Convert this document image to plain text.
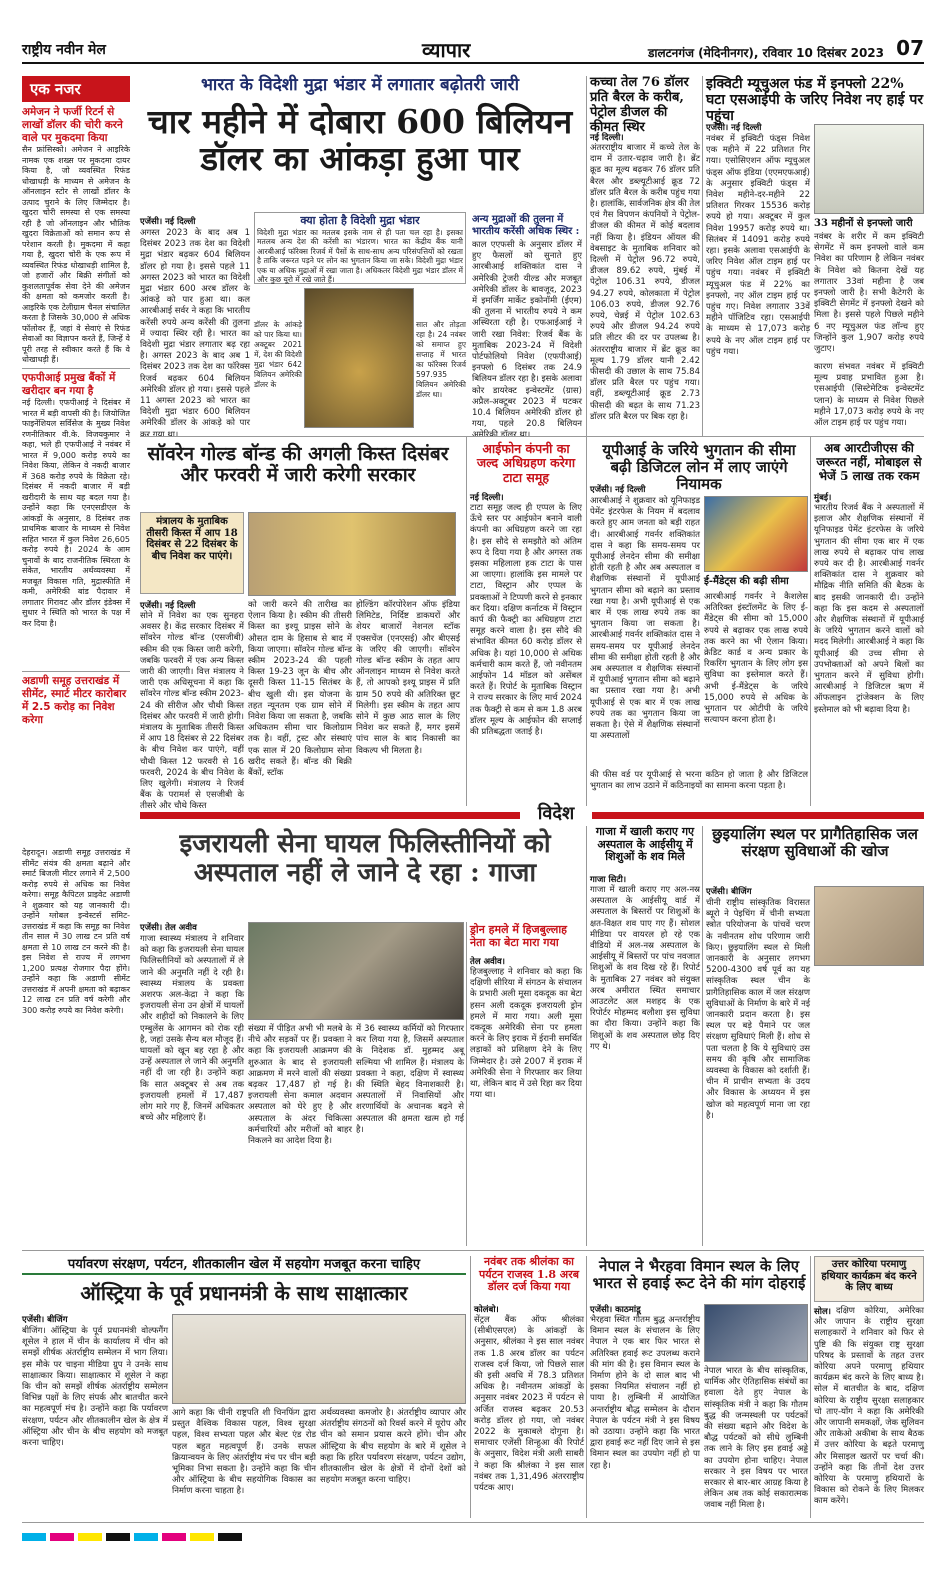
राष्ट्रीय नवीन मेल	व्यापार	डालटनगंज (मेदिनीनगर), रविवार 10 दिसंबर 2023 07
एक नजर
अमेजन ने फर्जी रिटर्न से लाखों डॉलर की चोरी करने वाले पर मुकदमा किया
सैन फ्रांसिस्को। अमेजन ने आइरिके नामक एक शख्स पर मुकदमा दायर किया है, जो व्यवस्थित रिफंड धोखाधड़ी के माध्यम से अमेजन के ऑनलाइन स्टोर से लाखों डॉलर के उत्पाद चुराने के लिए जिम्मेदार है। खुदरा चोरी समस्या से एक समस्या रही है जो ऑनलाइन और भौतिक खुदरा विक्रेताओं को समान रूप से परेशान करती है। मुकदमा में कहा गया है, खुदरा चोरी के एक रूप में व्यवस्थित रिफंड धोखाधड़ी शामिल है, जो हजारों और बिक्री संगीतों को कुशलतापूर्वक सेवा देने की अमेजन की क्षमता को कमजोर करती है। आइरिके एक टेलीग्राम चैनल संचालित करता है जिसके 30,000 से अधिक फॉलोवर हैं, जहां वे सेवाएं से रिफंड सेवाओं का विज्ञापन करते हैं, जिन्हें वे पूरी तरह से स्वीकार करते हैं कि वे धोखाधड़ी हैं।
एफपीआई प्रमुख बैंकों में खरीदार बन गया है
नई दिल्ली। एफपीआई ने दिसंबर में भारत में बड़ी वापसी की है। जियोजित फाइनेंशियल सर्विसेज के मुख्य निवेश रणनीतिकार वी.के. विजयकुमार ने कहा, भले ही एफपीआई ने नवंबर में भारत में 9,000 करोड़ रुपये का निवेश किया, लेकिन वे नकदी बाजार में 368 करोड़ रुपये के विक्रेता रहे। दिसंबर में नकदी बाजार में बड़ी खरीदारी के साथ यह बदल गया है। उन्होंने कहा कि एनएसडीएल के आंकड़ों के अनुसार, 8 दिसंबर तक प्राथमिक बाजार के माध्यम से निवेश सहित भारत में कुल निवेश 26,605 करोड़ रुपये है। 2024 के आम चुनावों के बाद राजनीतिक स्थिरता के संकेत, भारतीय अर्थव्यवस्था में मजबूत विकास गति, मुद्रास्फीति में कमी, अमेरिकी बांड पैदावार में लगातार गिरावट और डॉलर इंडेक्स में सुधार ने स्थिति को भारत के पक्ष में कर दिया है।
अडाणी समूह उत्तराखंड में सीमेंट, स्मार्ट मीटर कारोबार में 2.5 करोड़ का निवेश करेगा
देहरादून। अडाणी समूह उत्तराखंड में सीमेंट संयंत्र की क्षमता बढ़ाने और स्मार्ट बिजली मीटर लगाने में 2,500 करोड़ रुपये से अधिक का निवेश करेगा। समूह कैपिटल प्राइवेट अडाणी ने शुक्रवार को यह जानकारी दी। उन्होंने ग्लोबल इन्वेस्टर्स समिट-उत्तराखंड में कहा कि समूह का निवेश तीन साल में 30 लाख टन प्रति वर्ष क्षमता से 10 लाख टन करने की है। इस निवेश से राज्य में लगभग 1,200 प्रत्यक्ष रोजगार पैदा होंगे। उन्होंने कहा कि अडाणी सीमेंट उत्तराखंड में अपनी क्षमता को बढ़ाकर 12 लाख टन प्रति वर्ष करेगी और 300 करोड़ रुपये का निवेश करेगी।
भारत के विदेशी मुद्रा भंडार में लगातार बढ़ोतरी जारी
चार महीने में दोबारा 600 बिलियन डॉलर का आंकड़ा हुआ पार
एजेंसी। नई दिल्ली
अगस्त 2023 के बाद अब 1 दिसंबर 2023 तक देश का विदेशी मुद्रा भंडार बढ़कर 604 बिलियन डॉलर हो गया है। इससे पहले 11 अगस्त 2023 को भारत का विदेशी मुद्रा भंडार 600 अरब डॉलर के आंकड़े को पार हुआ था। कल आरबीआई सर्वर ने कहा कि भारतीय करेंसी रुपये अन्य करेंसी की तुलना में ज्यादा स्थिर रही है। भारत का विदेशी मुद्रा भंडार लगातार बढ़ रहा है। अगस्त 2023 के बाद अब 1 दिसंबर 2023 तक देश का फॉरेक्स रिजर्व बढ़कर 604 बिलियन अमेरिकी डॉलर हो गया। इससे पहले 11 अगस्त 2023 को भारत का विदेशी मुद्रा भंडार 600 बिलियन अमेरिकी डॉलर के आंकड़े को पार कर गया था।
क्या होता है विदेशी मुद्रा भंडार
विदेशी मुद्रा भंडार का मतलब इसके नाम से ही पता चल रहा है। इसका मतलब अन्य देश की करेंसी का भंडारण। भारत का केंद्रीय बैंक यानी आरबीआई फॉरेक्स रिजर्व में पैसों के साथ-साथ अन्य परिसंपत्तियों को रखता है ताकि जरूरत पड़ने पर लोन का भुगतान किया जा सके। विदेशी मुद्रा भंडार एक या अधिक मुद्राओं में रखा जाता है। अधिकतर विदेशी मुद्रा भंडार डॉलर में और कुछ यूरो में रखे जाते हैं।
डॉलर के आंकड़े को पार किया था। अक्टूबर 2021 में, देश की विदेशी मुद्रा भंडार 642 बिलियन अमेरिकी डॉलर के
सात और तोड़ता रहा है। 24 नवंबर को समाप्त हुए सप्ताह में भारत का फॉरेक्स रिजर्व 597.935 बिलियन अमेरिकी डॉलर था।
अन्य मुद्राओं की तुलना में भारतीय करेंसी अधिक स्थिर :
काल एएफसी के अनुसार डॉलर में हुए फैसलों को सुनाते हुए आरबीआई शक्तिकांत दास ने अमेरिकी ट्रेजरी यील्ड और मजबूत अमेरिकी डॉलर के बावजूद, 2023 में इमर्जिंग मार्केट इकोनॉमी (ईएम) की तुलना में भारतीय रुपये ने कम अस्थिरता रही है। एफआईआई ने जारी रखा निवेश: रिजर्व बैंक के मुताबिक 2023-24 में विदेशी पोर्टफोलियो निवेश (एफपीआई) इनफ्लो 6 दिसंबर तक 24.9 बिलियन डॉलर रहा है। इसके अलावा कोर डायरेक्ट इन्वेस्टमेंट (ग्रास) अप्रैल-अक्टूबर 2023 में घटकर 10.4 बिलियन अमेरिकी डॉलर हो गया, पहले 20.8 बिलियन अमेरिकी डॉलर था।
कच्चा तेल 76 डॉलर प्रति बैरल के करीब, पेट्रोल डीजल की कीमत स्थिर
नई दिल्ली।
अंतरराष्ट्रीय बाजार में कच्चे तेल के दाम में उतार-चढ़ाव जारी है। ब्रेंट क्रूड का मूल्य बढ़कर 76 डॉलर प्रति बैरल और डब्ल्यूटीआई क्रूड 72 डॉलर प्रति बैरल के करीब पहुंच गया है। हालांकि, सार्वजनिक क्षेत्र की तेल एवं गैस विपणन कंपनियों ने पेट्रोल-डीजल की कीमत में कोई बदलाव नहीं किया है। इंडियन ऑयल की वेबसाइट के मुताबिक शनिवार को दिल्ली में पेट्रोल 96.72 रुपये, डीजल 89.62 रुपये, मुंबई में पेट्रोल 106.31 रुपये, डीजल 94.27 रुपये, कोलकाता में पेट्रोल 106.03 रुपये, डीजल 92.76 रुपये, चेन्नई में पेट्रोल 102.63 रुपये और डीजल 94.24 रुपये प्रति लीटर की दर पर उपलब्ध है। अंतरराष्ट्रीय बाजार में ब्रेंट क्रूड का मूल्य 1.79 डॉलर यानी 2.42 फीसदी की उछाल के साथ 75.84 डॉलर प्रति बैरल पर पहुंच गया। वहीं, डब्ल्यूटीआई क्रूड 2.73 फीसदी की बढ़त के साथ 71.23 डॉलर प्रति बैरल पर बिक रहा है।
इक्विटी म्यूचुअल फंड में इनफ्लो 22% घटा एसआईपी के जरिए निवेश नए हाई पर पहुंचा
एजेंसी। नई दिल्ली
नवंबर में इक्विटी फंड्स निवेश एक महीने में 22 प्रतिशत गिर गया। एसोसिएशन ऑफ म्यूचुअल फंड्स ऑफ इंडिया (एएमएफआई) के अनुसार इक्विटी फंड्स में निवेश महीने-दर-महीने 22 प्रतिशत गिरकर 15536 करोड़ रुपये हो गया। अक्टूबर में कुल निवेश 19957 करोड़ रुपये था। सितंबर में 14091 करोड़ रुपये रहा। इसके अलावा एसआईपी के जरिए निवेश ऑल टाइम हाई पर पहुंच गया। नवंबर में इक्विटी म्यूचुअल फंड में 22% का इनफ्लो, नए ऑल टाइम हाई पर पहुंच गए। निवेश लगातार 33वें महीने पॉजिटिव रहा। एसआईपी के माध्यम से 17,073 करोड़ रुपये के नए ऑल टाइम हाई पर पहुंच गया।
33 महीनों से इनफ्लो जारी
नवंबर के शरीर में कम इक्विटी सेगमेंट में कम इनफ्लो वाले कम निवेश का परिणाम है लेकिन नवंबर के निवेश को कितना देखें यह लगातार 33वां महीना है जब इनफ्लो जारी है। सभी कैटेगरी के इक्विटी सेगमेंट में इनफ्लो देखने को मिला है। इससे पहले पिछले महीने 6 नए म्यूचुअल फंड लॉन्च हुए जिन्होंने कुल 1,907 करोड़ रुपये जुटाए।
कारण संभवत नवंबर में इक्विटी मूल्य प्रवाह प्रभावित हुआ है। एसआईपी (सिस्टेमेटिक इन्वेस्टमेंट प्लान) के माध्यम से निवेश पिछले महीने 17,073 करोड़ रुपये के नए ऑल टाइम हाई पर पहुंच गया।
सॉवरेन गोल्ड बॉन्ड की अगली किस्त दिसंबर और फरवरी में जारी करेगी सरकार
मंत्रालय के मुताबिक तीसरी किस्त में आप 18 दिसंबर से 22 दिसंबर के बीच निवेश कर पाएंगे।
एजेंसी। नई दिल्ली
सोने में निवेश का एक सुनहरा अवसर है। केंद्र सरकार दिसंबर में सॉवरेन गोल्ड बॉन्ड (एसजीबी) स्कीम की एक किस्त जारी करेगी, जबकि फरवरी में एक अन्य किस्त जारी की जाएगी। वित्त मंत्रालय ने जारी एक अधिसूचना में कहा कि सॉवरेन गोल्ड बॉन्ड स्कीम 2023-24 की सीरीज और चौथी किस्त दिसंबर और फरवरी में जारी होगी। मंत्रालय के मुताबिक तीसरी किस्त में आप 18 दिसंबर से 22 दिसंबर के बीच निवेश कर पाएंगे, वहीं चौथी किस्त 12 फरवरी से 16 फरवरी, 2024 के बीच निवेश के लिए खुलेगी। मंत्रालय ने रिजर्व बैंक के परामर्श से एसजीबी के तीसरे और चौथे किस्त
को जारी करने की तारीख का ऐलान किया है। स्कीम की तीसरी किस्त का इश्यू प्राइस सोने के औसत दाम के हिसाब से बाद में किया जाएगा। सॉवरेन गोल्ड बॉन्ड स्कीम 2023-24 की पहली किस्त 19-23 जून के बीच और दूसरी किस्त 11-15 सितंबर के बीच खुली थी। इस योजना के तहत न्यूनतम एक ग्राम सोने में निवेश किया जा सकता है, जबकि अधिकतम सीमा चार किलोग्राम तक है। वहीं, ट्रस्ट और संस्थाएं एक साल में 20 किलोग्राम सोना खरीद सकते हैं। बॉन्ड की बिक्री बैंकों, स्टॉक
होल्डिंग कॉरपोरेशन ऑफ इंडिया लिमिटेड, निर्दिष्ट डाकघरों और शेयर बाजारों नेशनल स्टॉक एक्सचेंज (एनएसई) और बीएसई के जरिए की जाएगी। सॉवरेन गोल्ड बॉन्ड स्कीम के तहत आप ऑनलाइन माध्यम से निवेश करते हैं, तो आपको इश्यू प्राइस में प्रति ग्राम 50 रुपये की अतिरिक्त छूट मिलेगी। इस स्कीम के तहत आप सोने में कुछ आठ साल के लिए निवेश कर सकते हैं, मगर इसमें पांच साल के बाद निकासी का विकल्प भी मिलता है।
आईफोन कंपनी का जल्द अधिग्रहण करेगा टाटा समूह
नई दिल्ली।
टाटा समूह जल्द ही एप्पल के लिए ऊँचे स्तर पर आईफोन बनाने वाली कंपनी का अधिग्रहण करने जा रहा है। इस सौदे से समझौते को अंतिम रूप दे दिया गया है और अगस्त तक इसका महिलाला हक टाटा के पास आ जाएगा। हालांकि इस मामले पर टाटा, विस्ट्रान और एप्पल के प्रवक्ताओं ने टिप्पणी करने से इनकार कर दिया। दक्षिण कर्नाटक में विस्ट्रान कार्प की फैक्ट्री का अधिग्रहण टाटा समूह करने वाला है। इस सौदे की संभावित कीमत 60 करोड़ डॉलर से अधिक है। यहां 10,000 से अधिक कर्मचारी काम करते हैं, जो नवीनतम आईफोन 14 मॉडल को असेंबल करते हैं। रिपोर्ट के मुताबिक विस्ट्रान ने राज्य सरकार के लिए मार्च 2024 तक फैक्ट्री से कम से कम 1.8 अरब डॉलर मूल्य के आईफोन की सप्लाई की प्रतिबद्धता जताई है।
यूपीआई के जरिये भुगतान की सीमा बढ़ी डिजिटल लोन में लाए जाएंगे नियामक
एजेंसी। नई दिल्ली
आरबीआई ने शुक्रवार को यूनिफाइड पेमेंट इंटरफेस के नियम में बदलाव करते हुए आम जनता को बड़ी राहत दी। आरबीआई गवर्नर शक्तिकांत दास ने कहा कि समय-समय पर यूपीआई लेनदेन सीमा की समीक्षा होती रहती है और अब अस्पताल व शैक्षणिक संस्थानों में यूपीआई भुगतान सीमा को बढ़ाने का प्रस्ताव रखा गया है। अभी यूपीआई से एक बार में एक लाख रुपये तक का भुगतान किया जा सकता है। आरबीआई गवर्नर शक्तिकांत दास ने समय-समय पर यूपीआई लेनदेन सीमा की समीक्षा होती रहती है और अब अस्पताल व शैक्षणिक संस्थानों में यूपीआई भुगतान सीमा को बढ़ाने का प्रस्ताव रखा गया है। अभी यूपीआई से एक बार में एक लाख रुपये तक का भुगतान किया जा सकता है। ऐसे में शैक्षणिक संस्थानों या अस्पतालों
ई-मैंडेट्स की बढ़ी सीमा
आरबीआई गवर्नर ने कैशलेस अतिरिक्त इंस्टॉलमेंट के लिए ई-मैंडेट्स की सीमा को 15,000 रुपये से बढ़ाकर एक लाख रुपये तक करने का भी ऐलान किया। क्रेडिट कार्ड व अन्य प्रकार के रिकरिंग भुगतान के लिए लोग इस सुविधा का इस्तेमाल करते हैं। अभी ई-मैंडेट्स के जरिये 15,000 रुपये से अधिक के भुगतान पर ओटीपी के जरिये सत्यापन करना होता है।
की फीस वर्ड पर यूपीआई से भरना कठिन हो जाता है और डिजिटल भुगतान का लाभ उठाने में कठिनाइयों का सामना करना पड़ता है।
अब आरटीजीएस की जरूरत नहीं, मोबाइल से भेजें 5 लाख तक रकम
मुंबई।
भारतीय रिजर्व बैंक ने अस्पतालों में इलाज और शैक्षणिक संस्थानों में यूनिफाइड पेमेंट इंटरफेस के जरिये भुगतान की सीमा एक बार में एक लाख रुपये से बढ़ाकर पांच लाख रुपये कर दी है। आरबीआई गवर्नर शक्तिकांत दास ने शुक्रवार को मौद्रिक नीति समिति की बैठक के बाद इसकी जानकारी दी। उन्होंने कहा कि इस कदम से अस्पतालों और शैक्षणिक संस्थानों में यूपीआई के जरिये भुगतान करने वालों को मदद मिलेगी। आरबीआई ने कहा कि यूपीआई की उच्च सीमा से उपभोक्ताओं को अपने बिलों का भुगतान करने में सुविधा होगी। आरबीआई ने डिजिटल ऋण में ऑफलाइन ट्रांजेक्शन के लिए इस्तेमाल को भी बढ़ावा दिया है।
विदेश
इजरायली सेना घायल फिलिस्तीनियों को अस्पताल नहीं ले जाने दे रहा : गाजा
एजेंसी। तेल अवीव
गाजा स्वास्थ्य मंत्रालय ने शनिवार को कहा कि इजरायली सेना घायल फिलिस्तीनियों को अस्पतालों में ले जाने की अनुमति नहीं दे रही है। स्वास्थ्य मंत्रालय के प्रवक्ता अशरफ अल-केद्रा ने कहा कि इजरायली सेना उन क्षेत्रों में घायलों और शहीदों को निकालने के लिए एम्बुलेंस के आगमन को रोक रही है, जहां उसके सैन्य बल मौजूद हैं। घायलों को खून बह रहा है और उन्हें अस्पताल ले जाने की अनुमति नहीं दी जा रही है। उन्होंने कहा कि सात अक्टूबर से अब तक इजरायली हमलों में 17,487 लोग मारे गए हैं, जिनमें अधिकतर बच्चे और महिलाएं हैं।
संख्या में पीड़ित अभी भी मलबे के नीचे और सड़कों पर हैं। प्रवक्ता ने कहा कि इजरायली आक्रमण की शुरुआत के बाद से इजरायली आक्रमण में मरने वालों की संख्या बढ़कर 17,487 हो गई है। इजरायली सेना कमाल अदवान अस्पताल को घेरे हुए है और अस्पताल के अंदर चिकित्सा कर्मचारियों और मरीजों को बाहर निकलने का आदेश दिया है।
में 36 स्वास्थ्य कर्मियों को गिरफ्तार कर लिया गया है, जिसमें अस्पताल के निदेशक डॉ. मुहम्मद अबू सल्मिया भी शामिल हैं। मंत्रालय के प्रवक्ता ने कहा, दक्षिण में स्वास्थ्य की स्थिति बेहद विनाशकारी है। अस्पतालों में निवासियों और शरणार्थियों के अचानक बढ़ने से अस्पताल की क्षमता खत्म हो गई है।
ड्रोन हमले में हिजबुल्लाह नेता का बेटा मारा गया
तेल अवीव।
हिजबुल्लाह ने शनिवार को कहा कि दक्षिणी सीरिया में संगठन के संचालन के प्रभारी अली मूसा दकदूक का बेटा हसन अली दकदूक इजरायली ड्रोन हमले में मारा गया। अली मूसा दकदूक अमेरिकी सेना पर हमला करने के लिए इराक में ईरानी समर्थित लड़ाकों को प्रशिक्षण देने के लिए जिम्मेदार है। उसे 2007 में इराक में अमेरिकी सेना ने गिरफ्तार कर लिया था, लेकिन बाद में उसे रिहा कर दिया गया था।
गाजा में खाली कराए गए अस्पताल के आईसीयू में शिशुओं के शव मिले
गाजा सिटी।
गाजा में खाली कराए गए अल-नस्र अस्पताल के आईसीयू वार्ड में अस्पताल के बिस्तरों पर शिशुओं के क्षत-विक्षत शव पाए गए हैं। सोशल मीडिया पर वायरल हो रहे एक वीडियो में अल-नस्र अस्पताल के आईसीयू में बिस्तरों पर पांच नवजात शिशुओं के शव दिख रहे हैं। रिपोर्ट के मुताबिक 27 नवंबर को संयुक्त अरब अमीरात स्थित समाचार आउटलेट अल मशहद के एक रिपोर्टर मोहम्मद बलौशा इस सुविधा का दौरा किया। उन्होंने कहा कि शिशुओं के शव अस्पताल छोड़ दिए गए थे।
छुइयालिंग स्थल पर प्रागैतिहासिक जल संरक्षण सुविधाओं की खोज
एजेंसी। बीजिंग
चीनी राष्ट्रीय सांस्कृतिक विरासत ब्यूरो ने पेइचिंग में चीनी सभ्यता स्त्रोत परियोजना के पांचवें चरण के नवीनतम शोध परिणाम जारी किए। छुइयालिंग स्थल से मिली जानकारी के अनुसार लगभग 5200-4300 वर्ष पूर्व का यह सांस्कृतिक स्थल चीन के प्रागैतिहासिक काल में जल संरक्षण सुविधाओं के निर्माण के बारे में नई जानकारी प्रदान करता है। इस स्थल पर बड़े पैमाने पर जल संरक्षण सुविधाएं मिली हैं। शोध से पता चलता है कि ये सुविधाएं उस समय की कृषि और सामाजिक व्यवस्था के विकास को दर्शाती हैं। चीन में प्राचीन सभ्यता के उदय और विकास के अध्ययन में इस खोज को महत्वपूर्ण माना जा रहा है।
पर्यावरण संरक्षण, पर्यटन, शीतकालीन खेल में सहयोग मजबूत करना चाहिए
ऑस्ट्रिया के पूर्व प्रधानमंत्री के साथ साक्षात्कार
एजेंसी। बीजिंग
बीजिंग। ऑस्ट्रिया के पूर्व प्रधानमंत्री वोल्फगैंग शूसेल ने हाल में चीन के कार्यालय में चीन को समझें शीर्षक अंतर्राष्ट्रीय सम्मेलन में भाग लिया। इस मौके पर चाइना मीडिया ग्रुप ने उनके साथ साक्षात्कार किया। साक्षात्कार में शूसेल ने कहा कि चीन को समझें शीर्षक अंतर्राष्ट्रीय सम्मेलन विभिन्न पक्षों के लिए संपर्क और बातचीत करने का महत्वपूर्ण मंच है। उन्होंने कहा कि पर्यावरण संरक्षण, पर्यटन और शीतकालीन खेल के क्षेत्र में ऑस्ट्रिया और चीन के बीच सहयोग को मजबूत करना चाहिए।
आगे कहा कि चीनी राष्ट्रपति शी चिनफिंग द्वारा प्रस्तुत वैश्विक विकास पहल, विश्व सुरक्षा पहल, विश्व सभ्यता पहल और बेल्ट एंड रोड पहल बहुत महत्वपूर्ण हैं। उनके सफल क्रियान्वयन के लिए अंतर्राष्ट्रीय मंच पर चीन बड़ी भूमिका निभा सकता है। उन्होंने कहा कि चीन और ऑस्ट्रिया के बीच सहयोगिक विकास का निर्माण करना चाहता है।
अर्थव्यवस्था कमजोर है। अंतर्राष्ट्रीय व्यापार और अंतर्राष्ट्रीय संगठनों को रिवर्स करने में यूरोप और चीन को समान प्रयास करने होंगे। चीन और ऑस्ट्रिया के बीच सहयोग के बारे में शूसेल ने कहा कि हरित पर्यावरण संरक्षण, पर्यटन उद्योग, शीतकालीन खेल के क्षेत्रों में दोनों देशों को सहयोग मजबूत करना चाहिए।
नवंबर तक श्रीलंका का पर्यटन राजस्व 1.8 अरब डॉलर दर्ज किया गया
कोलंबो।
सेंट्रल बैंक ऑफ श्रीलंका (सीबीएसएल) के आंकड़ों के अनुसार, श्रीलंका ने इस साल नवंबर तक 1.8 अरब डॉलर का पर्यटन राजस्व दर्ज किया, जो पिछले साल की इसी अवधि में 78.3 प्रतिशत अधिक है। नवीनतम आंकड़ों के अनुसार नवंबर 2023 में पर्यटन से अर्जित राजस्व बढ़कर 20.53 करोड़ डॉलर हो गया, जो नवंबर 2022 के मुकाबले दोगुना है। समाचार एजेंसी शिन्हुआ की रिपोर्ट के अनुसार, विदेश मंत्री अली साबरी ने कहा कि श्रीलंका ने इस साल नवंबर तक 1,31,496 अंतरराष्ट्रीय पर्यटक आए।
नेपाल ने भैरहवा विमान स्थल के लिए भारत से हवाई रूट देने की मांग दोहराई
एजेंसी। काठमांडू
भैरहवा स्थित गौतम बुद्ध अन्तर्राष्ट्रीय विमान स्थल के संचालन के लिए नेपाल ने एक बार फिर भारत से अतिरिक्त हवाई रूट उपलब्ध कराने की मांग की है। इस विमान स्थल के निर्माण होने के दो साल बाद भी इसका नियमित संचालन नहीं हो पाया है। लुम्बिनी में आयोजित अन्तर्राष्ट्रीय बौद्ध सम्मेलन के दौरान नेपाल के पर्यटन मंत्री ने इस विषय को उठाया। उन्होंने कहा कि भारत द्वारा हवाई रूट नहीं दिए जाने से इस विमान स्थल का उपयोग नहीं हो पा रहा है।
नेपाल भारत के बीच सांस्कृतिक, धार्मिक और ऐतिहासिक संबंधों का हवाला देते हुए नेपाल के सांस्कृतिक मंत्री ने कहा कि गौतम बुद्ध की जन्मस्थली पर पर्यटकों की संख्या बढ़ाने और विदेश के बौद्ध पर्यटकों को सीधे लुम्बिनी तक लाने के लिए इस हवाई अड्डे का उपयोग होना चाहिए। नेपाल सरकार ने इस विषय पर भारत सरकार से बार-बार आग्रह किया है लेकिन अब तक कोई सकारात्मक जवाब नहीं मिला है।
उत्तर कोरिया परमाणु हथियार कार्यक्रम बंद करने के लिए बाध्य
सोल। दक्षिण कोरिया, अमेरिका और जापान के राष्ट्रीय सुरक्षा सलाहकारों ने शनिवार को फिर से पुष्टि की कि संयुक्त राष्ट्र सुरक्षा परिषद के प्रस्तावों के तहत उत्तर कोरिया अपने परमाणु हथियार कार्यक्रम बंद करने के लिए बाध्य है। सोल में बातचीत के बाद, दक्षिण कोरिया के राष्ट्रीय सुरक्षा सलाहकार चो ताए-योंग ने कहा कि अमेरिकी और जापानी समकक्षों, जेक सुलिवन और ताकेओ अकीबा के साथ बैठक में उत्तर कोरिया के बढ़ते परमाणु और मिसाइल खतरों पर चर्चा की। उन्होंने कहा कि तीनों देश उत्तर कोरिया के परमाणु हथियारों के विकास को रोकने के लिए मिलकर काम करेंगे।
